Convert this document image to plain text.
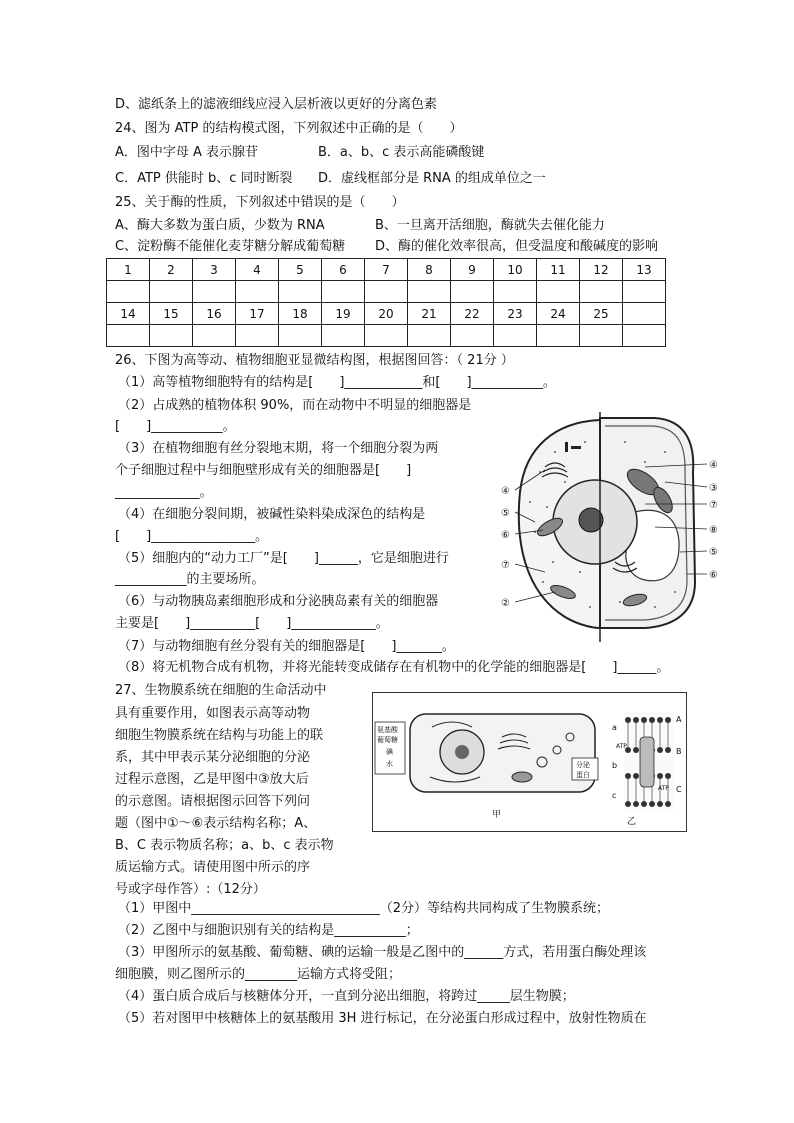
D、滤纸条上的滤液细线应浸入层析液以更好的分离色素
24、图为 ATP 的结构模式图，下列叙述中正确的是（　　）
A．图中字母 A 表示腺苷	B．a、b、c 表示高能磷酸键
C．ATP 供能时 b、c 同时断裂 D．虚线框部分是 RNA 的组成单位之一
25、关于酶的性质，下列叙述中错误的是（　　）
A、酶大多数为蛋白质，少数为 RNA	B、一旦离开活细胞，酶就失去催化能力
C、淀粉酶不能催化麦芽糖分解成葡萄糖 D、酶的催化效率很高，但受温度和酸碱度的影响
1	2	3	4	5	6	7	8	9	10	11	12	13

14	15	16	17	18	19	20	21	22	23	24	25	

26、下图为高等动、植物细胞亚显微结构图，根据图回答：（ 21分 ）
（1）高等植物细胞特有的结构是[　　]____________和[　　]___________。
（2）占成熟的植物体积 90%，而在动物中不明显的细胞器是
[　　]___________。
（3）在植物细胞有丝分裂地末期，将一个细胞分裂为两
个子细胞过程中与细胞壁形成有关的细胞器是[　　]
_____________。
（4）在细胞分裂间期，被碱性染料染成深色的结构是
[　　]________________。
（5）细胞内的“动力工厂”是[　　]______，它是细胞进行
___________的主要场所。
（6）与动物胰岛素细胞形成和分泌胰岛素有关的细胞器
主要是[　　]__________[　　]_____________。
（7）与动物细胞有丝分裂有关的细胞器是[　　]_______。
（8）将无机物合成有机物，并将光能转变成储存在有机物中的化学能的细胞器是[　　]______。
④
③
⑦
⑧
⑤
⑥
④
⑤
⑥
⑦
②
27、生物膜系统在细胞的生命活动中
具有重要作用，如图表示高等动物
细胞生物膜系统在结构与功能上的联
系，其中甲表示某分泌细胞的分泌
过程示意图，乙是甲图中③放大后
的示意图。请根据图示回答下列问
题（图中①～⑥表示结构名称；A、
B、C 表示物质名称；a、b、c 表示物
质运输方式。请使用图中所示的序
号或字母作答）:（12分）
氨基酸
葡萄糖
碘
水	分泌
蛋白
甲
a
b
c
A
B
C
ATP
ATP
乙
（1）甲图中_____________________________（2分）等结构共同构成了生物膜系统；
（2）乙图中与细胞识别有关的结构是___________；
（3）甲图所示的氨基酸、葡萄糖、碘的运输一般是乙图中的______方式，若用蛋白酶处理该
细胞膜，则乙图所示的________运输方式将受阻；
（4）蛋白质合成后与核糖体分开，一直到分泌出细胞，将跨过_____层生物膜；
（5）若对图甲中核糖体上的氨基酸用 3H 进行标记，在分泌蛋白形成过程中，放射性物质在
